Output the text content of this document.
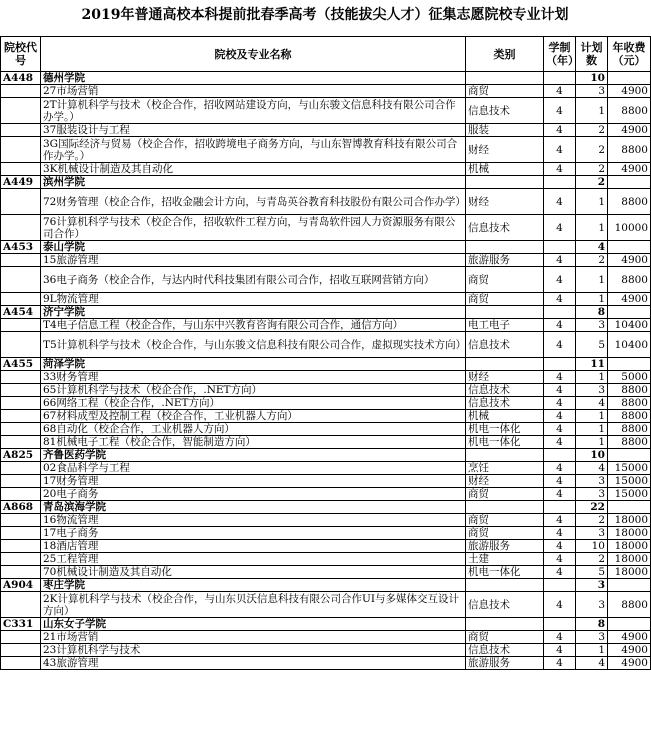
2019年普通高校本科提前批春季高考（技能拔尖人才）征集志愿院校专业计划
院校代号	院校及专业名称	类别	学制（年）	计划数	年收费（元）
A448	德州学院			10	
	27市场营销	商贸	4	3	4900
	2T计算机科学与技术（校企合作，招收网站建设方向，与山东骏文信息科技有限公司合作办学。）	信息技术	4	1	8800
	37服装设计与工程	服装	4	2	4900
	3G国际经济与贸易（校企合作，招收跨境电子商务方向，与山东智博教育科技有限公司合作办学。）	财经	4	2	8800
	3K机械设计制造及其自动化	机械	4	2	4900
A449	滨州学院			2	
	72财务管理（校企合作，招收金融会计方向，与青岛英谷教育科技股份有限公司合作办学）	财经	4	1	8800
	76计算机科学与技术（校企合作，招收软件工程方向，与青岛软件园人力资源服务有限公司合作）	信息技术	4	1	10000
A453	泰山学院			4	
	15旅游管理	旅游服务	4	2	4900
	36电子商务（校企合作，与达内时代科技集团有限公司合作，招收互联网营销方向）	商贸	4	1	8800
	9L物流管理	商贸	4	1	4900
A454	济宁学院			8	
	T4电子信息工程（校企合作，与山东中兴教育咨询有限公司合作，通信方向）	电工电子	4	3	10400
	T5计算机科学与技术（校企合作，与山东骏文信息科技有限公司合作，虚拟现实技术方向）	信息技术	4	5	10400
A455	菏泽学院			11	
	33财务管理	财经	4	1	5000
	65计算机科学与技术（校企合作，.NET方向）	信息技术	4	3	8800
	66网络工程（校企合作，.NET方向）	信息技术	4	4	8800
	67材料成型及控制工程（校企合作，工业机器人方向）	机械	4	1	8800
	68自动化（校企合作，工业机器人方向）	机电一体化	4	1	8800
	81机械电子工程（校企合作，智能制造方向）	机电一体化	4	1	8800
A825	齐鲁医药学院			10	
	02食品科学与工程	烹饪	4	4	15000
	17财务管理	财经	4	3	15000
	20电子商务	商贸	4	3	15000
A868	青岛滨海学院			22	
	16物流管理	商贸	4	2	18000
	17电子商务	商贸	4	3	18000
	18酒店管理	旅游服务	4	10	18000
	25工程管理	土建	4	2	18000
	70机械设计制造及其自动化	机电一体化	4	5	18000
A904	枣庄学院			3	
	2K计算机科学与技术（校企合作，与山东贝沃信息科技有限公司合作UI与多媒体交互设计方向）	信息技术	4	3	8800
C331	山东女子学院			8	
	21市场营销	商贸	4	3	4900
	23计算机科学与技术	信息技术	4	1	4900
	43旅游管理	旅游服务	4	4	4900
